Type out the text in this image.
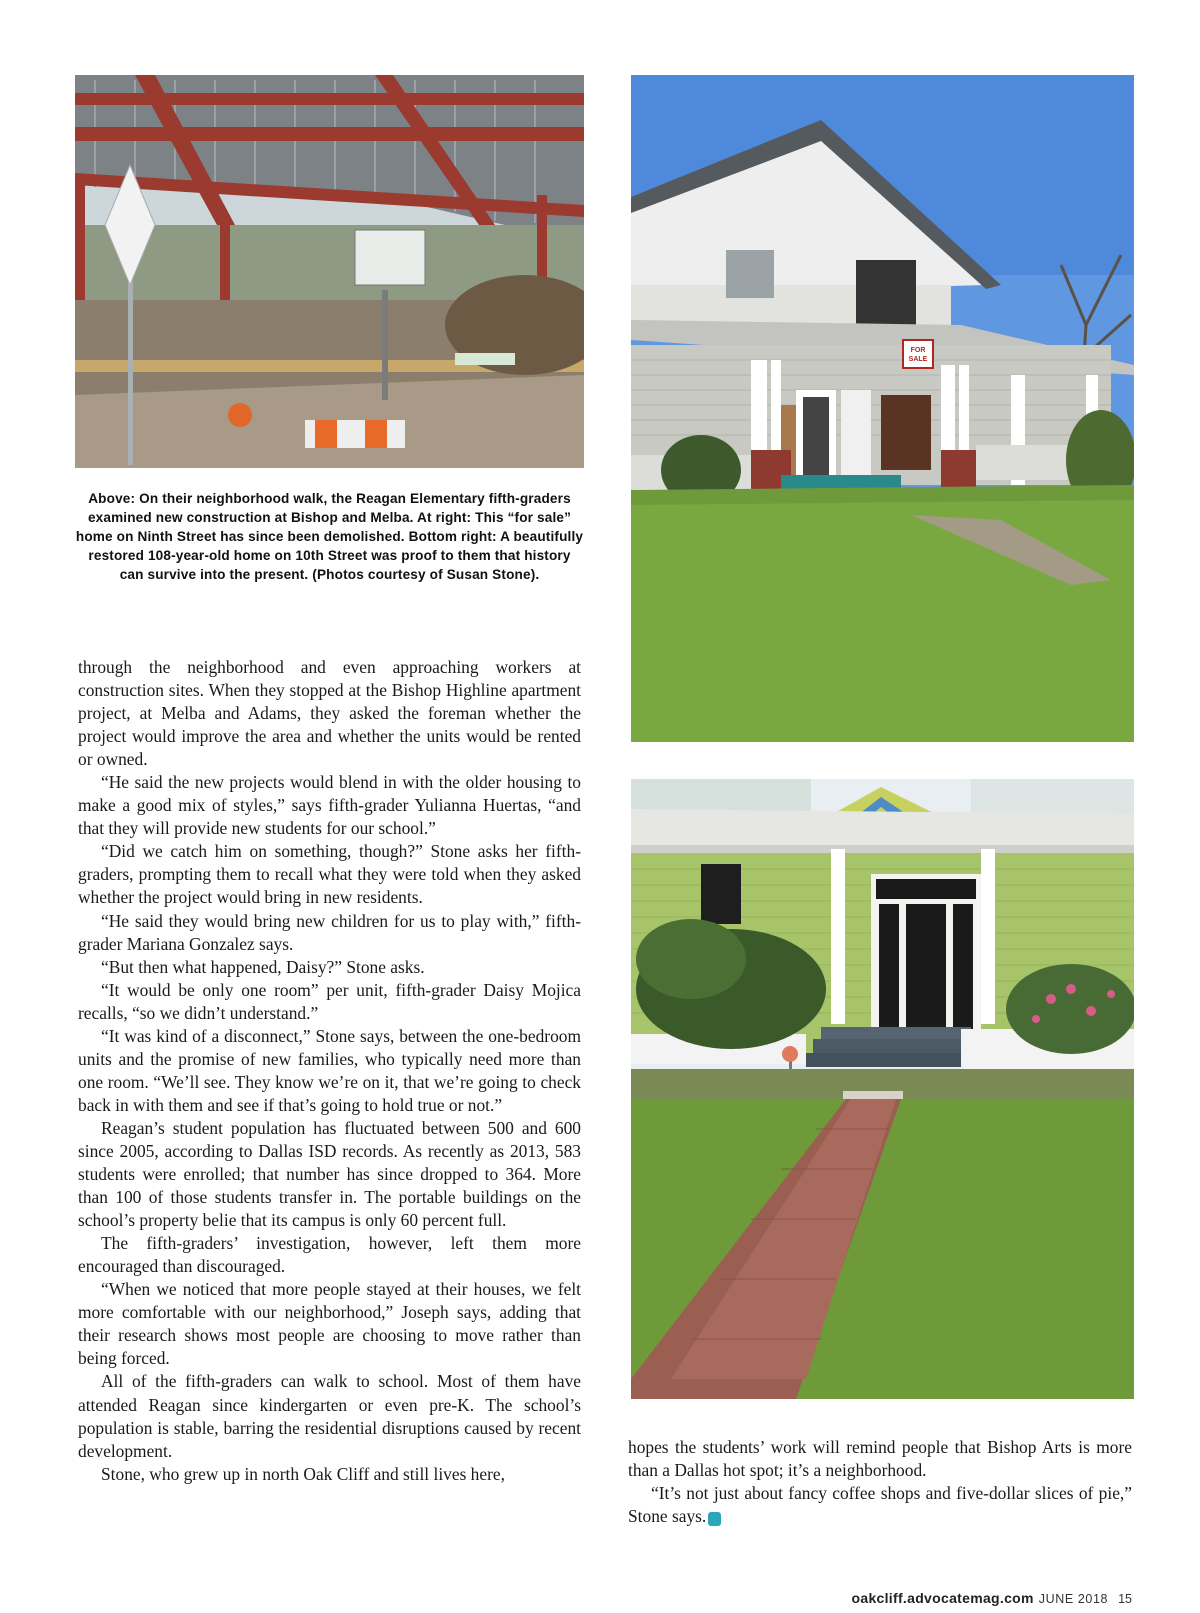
FOR
SALE
Above: On their neighborhood walk, the Reagan Elementary fifth-graders examined new construction at Bishop and Melba. At right: This “for sale” home on Ninth Street has since been demolished. Bottom right: A beautifully restored 108-year-old home on 10th Street was proof to them that history can survive into the present. (Photos courtesy of Susan Stone).

through the neighborhood and even approaching workers at construction sites. When they stopped at the Bishop Highline apartment project, at Melba and Adams, they asked the foreman whether the project would improve the area and whether the units would be rented or owned.

“He said the new projects would blend in with the older housing to make a good mix of styles,” says fifth-grader Yulianna Huertas, “and that they will provide new students for our school.”

“Did we catch him on something, though?” Stone asks her fifth-graders, prompting them to recall what they were told when they asked whether the project would bring in new residents.

“He said they would bring new children for us to play with,” fifth-grader Mariana Gonzalez says.

“But then what happened, Daisy?” Stone asks.

“It would be only one room” per unit, fifth-grader Daisy Mojica recalls, “so we didn’t understand.”

“It was kind of a disconnect,” Stone says, between the one-bedroom units and the promise of new families, who typically need more than one room. “We’ll see. They know we’re on it, that we’re going to check back in with them and see if that’s going to hold true or not.”

Reagan’s student population has fluctuated between 500 and 600 since 2005, according to Dallas ISD records. As recently as 2013, 583 students were enrolled; that number has since dropped to 364. More than 100 of those students transfer in. The portable buildings on the school’s property belie that its campus is only 60 percent full.

The fifth-graders’ investigation, however, left them more encouraged than discouraged.

“When we noticed that more people stayed at their houses, we felt more comfortable with our neighborhood,” Joseph says, adding that their research shows most people are choosing to move rather than being forced.

All of the fifth-graders can walk to school. Most of them have attended Reagan since kindergarten or even pre-K. The school’s population is stable, barring the residential disruptions caused by recent development.

Stone, who grew up in north Oak Cliff and still lives here,

hopes the students’ work will remind people that Bishop Arts is more than a Dallas hot spot; it’s a neighborhood.

“It’s not just about fancy coffee shops and five-dollar slices of pie,” Stone says. a

oakcliff.advocatemag.com JUNE 2018 15
